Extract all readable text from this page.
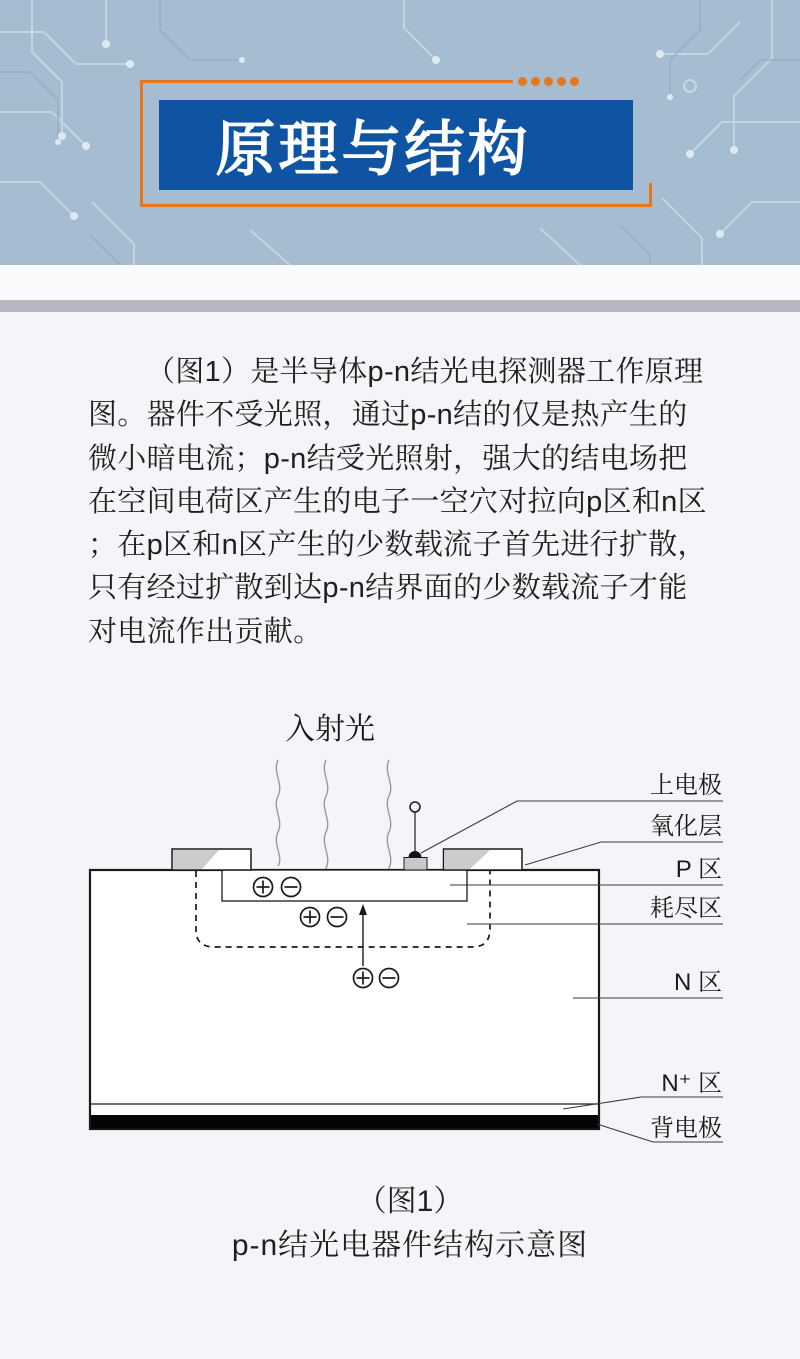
原理与结构
（图1）是半导体p-n结光电探测器工作原理
图。器件不受光照，通过p-n结的仅是热产生的
微小暗电流；p-n结受光照射，强大的结电场把
在空间电荷区产生的电子一空穴对拉向p区和n区
；在p区和n区产生的少数载流子首先进行扩散，
只有经过扩散到达p-n结界面的少数载流子才能
对电流作出贡献。
入射光
上电极
氧化层
P 区
耗尽区
N 区
N⁺ 区
背电极
（图1）
p-n结光电器件结构示意图
